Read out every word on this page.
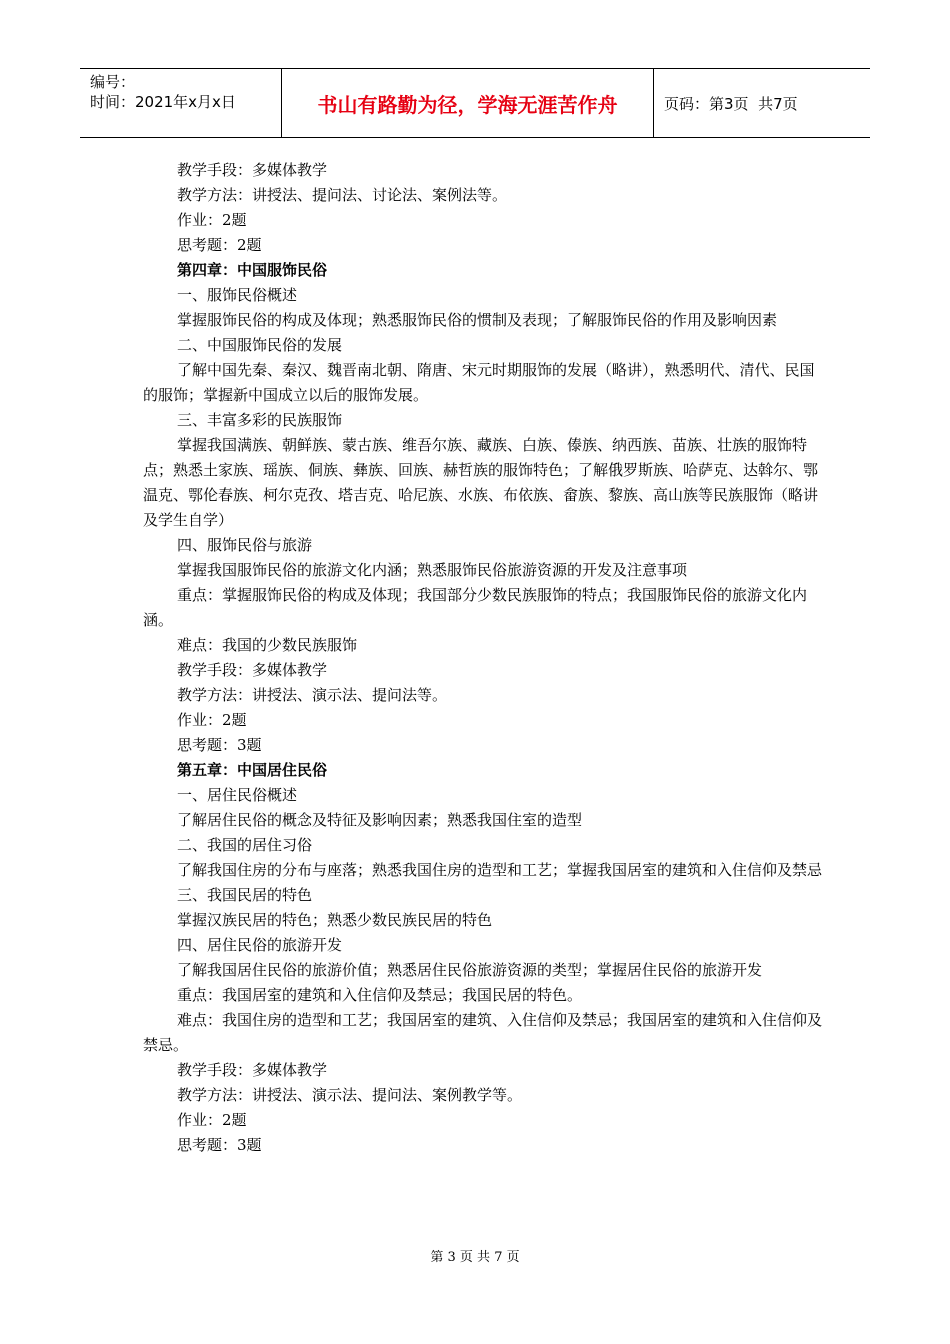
编号：
时间：2021年x月x日	书山有路勤为径，学海无涯苦作舟	页码：第3页  共7页

教学手段：多媒体教学

教学方法：讲授法、提问法、讨论法、案例法等。

作业：2题

思考题：2题

第四章：中国服饰民俗

一、服饰民俗概述

掌握服饰民俗的构成及体现；熟悉服饰民俗的惯制及表现；了解服饰民俗的作用及影响因素

二、中国服饰民俗的发展

了解中国先秦、秦汉、魏晋南北朝、隋唐、宋元时期服饰的发展（略讲），熟悉明代、清代、民国的服饰；掌握新中国成立以后的服饰发展。

三、丰富多彩的民族服饰

掌握我国满族、朝鲜族、蒙古族、维吾尔族、藏族、白族、傣族、纳西族、苗族、壮族的服饰特点；熟悉土家族、瑶族、侗族、彝族、回族、赫哲族的服饰特色；了解俄罗斯族、哈萨克、达斡尔、鄂温克、鄂伦春族、柯尔克孜、塔吉克、哈尼族、水族、布依族、畲族、黎族、高山族等民族服饰（略讲及学生自学）

四、服饰民俗与旅游

掌握我国服饰民俗的旅游文化内涵；熟悉服饰民俗旅游资源的开发及注意事项

重点：掌握服饰民俗的构成及体现；我国部分少数民族服饰的特点；我国服饰民俗的旅游文化内涵。

难点：我国的少数民族服饰

教学手段：多媒体教学

教学方法：讲授法、演示法、提问法等。

作业：2题

思考题：3题

第五章：中国居住民俗

一、居住民俗概述

了解居住民俗的概念及特征及影响因素；熟悉我国住室的造型

二、我国的居住习俗

了解我国住房的分布与座落；熟悉我国住房的造型和工艺；掌握我国居室的建筑和入住信仰及禁忌

三、我国民居的特色

掌握汉族民居的特色；熟悉少数民族民居的特色

四、居住民俗的旅游开发

了解我国居住民俗的旅游价值；熟悉居住民俗旅游资源的类型；掌握居住民俗的旅游开发

重点：我国居室的建筑和入住信仰及禁忌；我国民居的特色。

难点：我国住房的造型和工艺；我国居室的建筑、入住信仰及禁忌；我国居室的建筑和入住信仰及禁忌。

教学手段：多媒体教学

教学方法：讲授法、演示法、提问法、案例教学等。

作业：2题

思考题：3题

第 3 页 共 7 页
